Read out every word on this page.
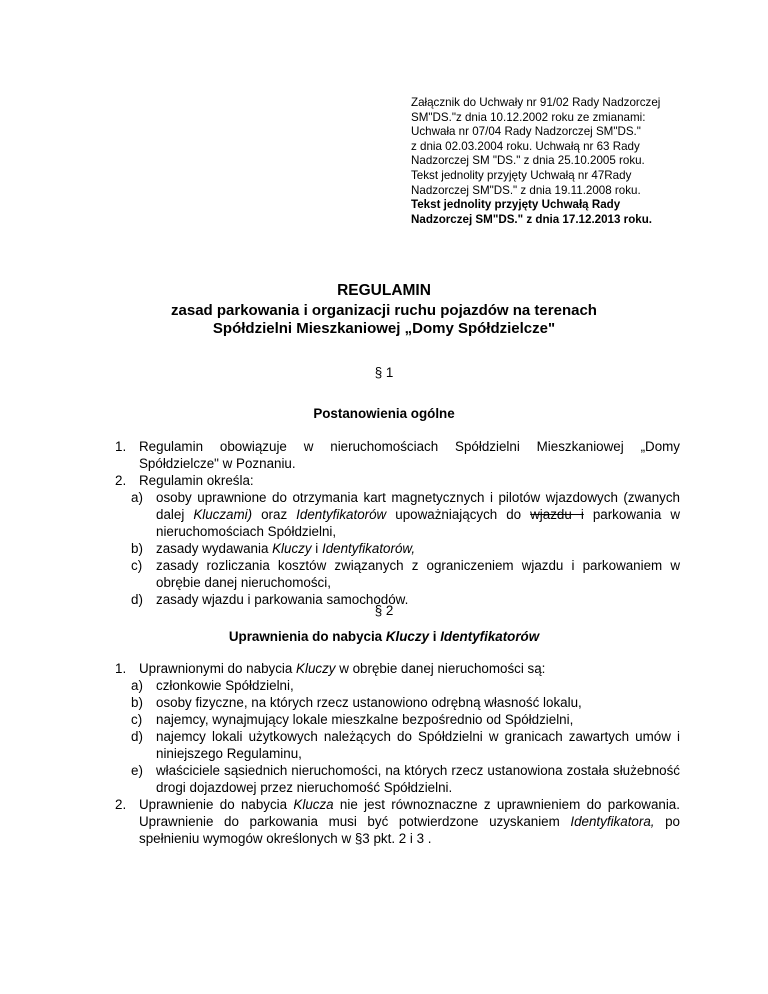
Załącznik do Uchwały nr 91/02 Rady Nadzorczej
SM"DS."z dnia 10.12.2002 roku ze zmianami:
Uchwała nr 07/04 Rady Nadzorczej SM"DS."
z dnia 02.03.2004 roku. Uchwałą nr 63 Rady
Nadzorczej SM "DS." z dnia 25.10.2005 roku.
Tekst jednolity przyjęty Uchwałą nr 47Rady
Nadzorczej SM"DS." z dnia 19.11.2008 roku.
Tekst jednolity przyjęty Uchwałą Rady
Nadzorczej SM"DS." z dnia 17.12.2013 roku.
REGULAMIN
zasad parkowania i organizacji ruchu pojazdów na terenach
Spółdzielni Mieszkaniowej „Domy Spółdzielcze"
§ 1
Postanowienia ogólne
1. Regulamin obowiązuje w nieruchomościach Spółdzielni Mieszkaniowej „Domy Spółdzielcze" w Poznaniu.
2. Regulamin określa:
a) osoby uprawnione do otrzymania kart magnetycznych i pilotów wjazdowych (zwanych dalej Kluczami) oraz Identyfikatorów upoważniających do wjazdu i parkowania w nieruchomościach Spółdzielni,
b) zasady wydawania Kluczy i Identyfikatorów,
c) zasady rozliczania kosztów związanych z ograniczeniem wjazdu i parkowaniem w obrębie danej nieruchomości,
d) zasady wjazdu i parkowania samochodów.
§ 2
Uprawnienia do nabycia Kluczy i Identyfikatorów
1. Uprawnionymi do nabycia Kluczy w obrębie danej nieruchomości są:
a) członkowie Spółdzielni,
b) osoby fizyczne, na których rzecz ustanowiono odrębną własność lokalu,
c) najemcy, wynajmujący lokale mieszkalne bezpośrednio od Spółdzielni,
d) najemcy lokali użytkowych należących do Spółdzielni w granicach zawartych umów i niniejszego Regulaminu,
e) właściciele sąsiednich nieruchomości, na których rzecz ustanowiona została służebność drogi dojazdowej przez nieruchomość Spółdzielni.
2. Uprawnienie do nabycia Klucza nie jest równoznaczne z uprawnieniem do parkowania. Uprawnienie do parkowania musi być potwierdzone uzyskaniem Identyfikatora, po spełnieniu wymogów określonych w §3 pkt. 2 i 3 .
